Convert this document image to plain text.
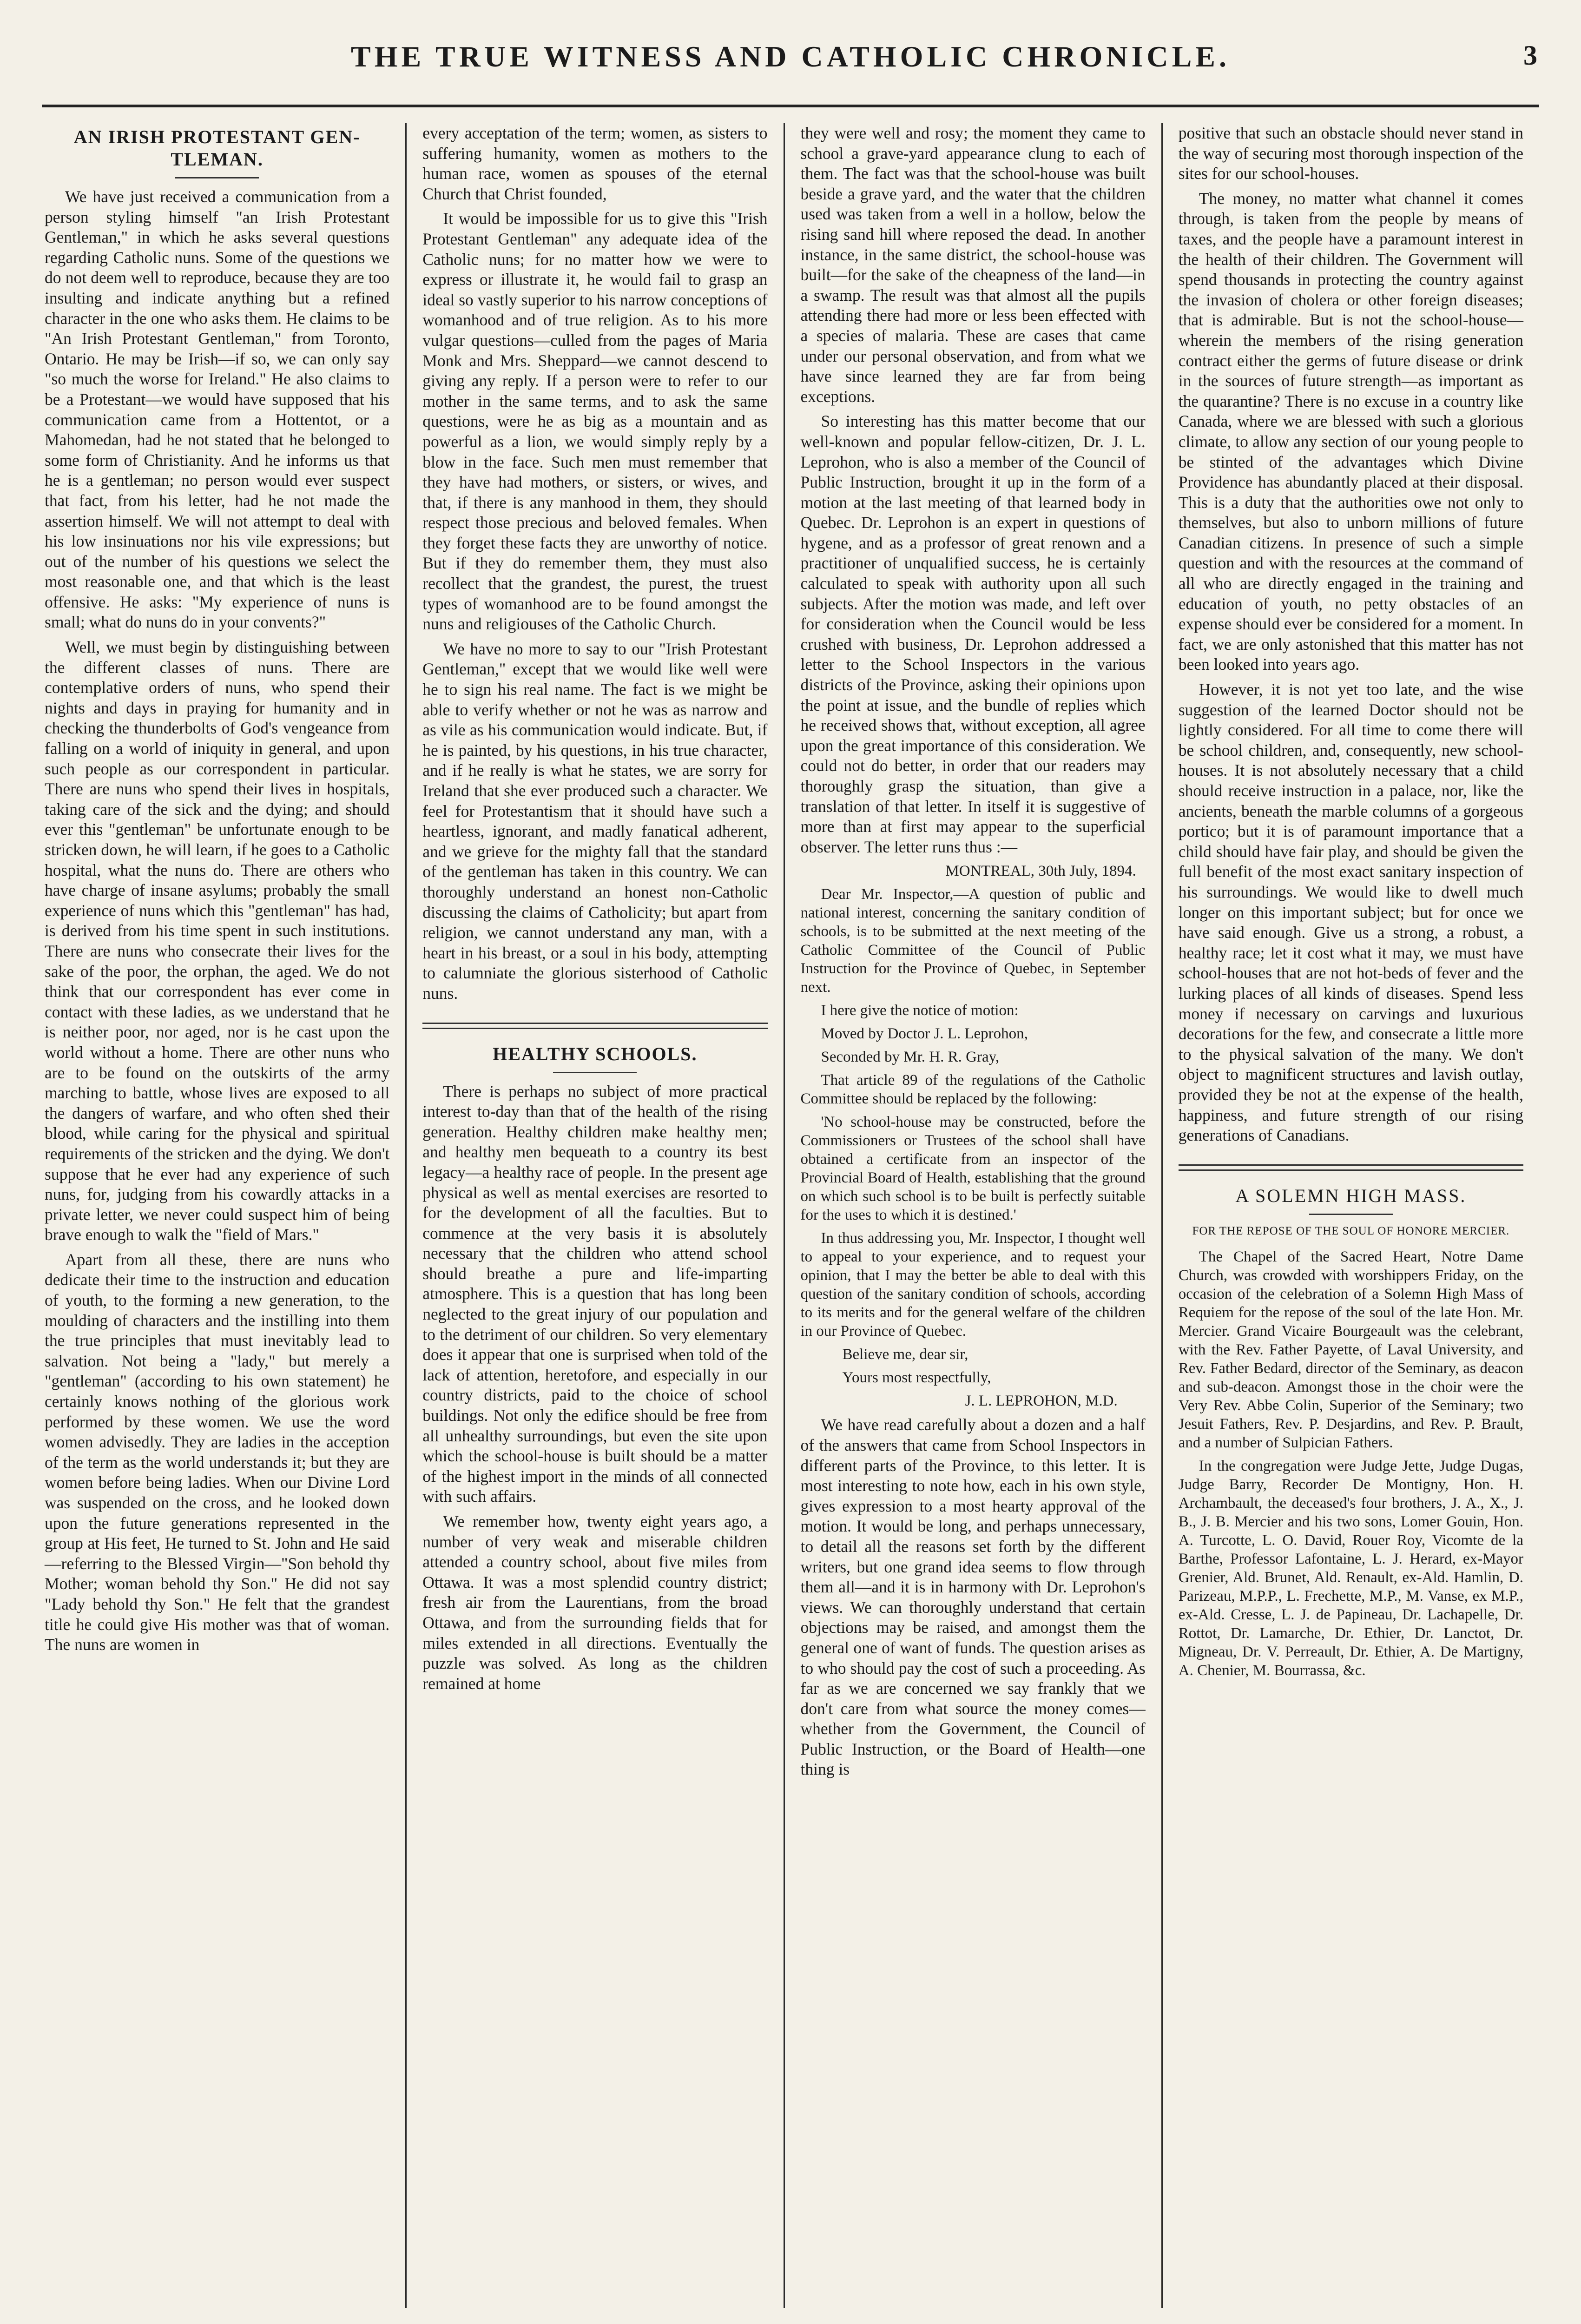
THE TRUE WITNESS AND CATHOLIC CHRONICLE.	3
AN IRISH PROTESTANT GEN- TLEMAN.

We have just received a communication from a person styling himself "an Irish Protestant Gentleman," in which he asks several questions regarding Catholic nuns. Some of the questions we do not deem well to reproduce, because they are too insulting and indicate anything but a refined character in the one who asks them. He claims to be "An Irish Protestant Gentleman," from Toronto, Ontario. He may be Irish—if so, we can only say "so much the worse for Ireland." He also claims to be a Protestant—we would have supposed that his communication came from a Hottentot, or a Mahomedan, had he not stated that he belonged to some form of Christianity. And he informs us that he is a gentleman; no person would ever suspect that fact, from his letter, had he not made the assertion himself. We will not attempt to deal with his low insinuations nor his vile expressions; but out of the number of his questions we select the most reasonable one, and that which is the least offensive. He asks: "My experience of nuns is small; what do nuns do in your convents?"

Well, we must begin by distinguishing between the different classes of nuns. There are contemplative orders of nuns, who spend their nights and days in praying for humanity and in checking the thunderbolts of God's vengeance from falling on a world of iniquity in general, and upon such people as our correspondent in particular. There are nuns who spend their lives in hospitals, taking care of the sick and the dying; and should ever this "gentleman" be unfortunate enough to be stricken down, he will learn, if he goes to a Catholic hospital, what the nuns do. There are others who have charge of insane asylums; probably the small experience of nuns which this "gentleman" has had, is derived from his time spent in such institutions. There are nuns who consecrate their lives for the sake of the poor, the orphan, the aged. We do not think that our correspondent has ever come in contact with these ladies, as we understand that he is neither poor, nor aged, nor is he cast upon the world without a home. There are other nuns who are to be found on the outskirts of the army marching to battle, whose lives are exposed to all the dangers of warfare, and who often shed their blood, while caring for the physical and spiritual requirements of the stricken and the dying. We don't suppose that he ever had any experience of such nuns, for, judging from his cowardly attacks in a private letter, we never could suspect him of being brave enough to walk the "field of Mars."

Apart from all these, there are nuns who dedicate their time to the instruction and education of youth, to the forming a new generation, to the moulding of characters and the instilling into them the true principles that must inevitably lead to salvation. Not being a "lady," but merely a "gentleman" (according to his own statement) he certainly knows nothing of the glorious work performed by these women. We use the word women advisedly. They are ladies in the acception of the term as the world understands it; but they are women before being ladies. When our Divine Lord was suspended on the cross, and he looked down upon the future generations represented in the group at His feet, He turned to St. John and He said—referring to the Blessed Virgin—"Son behold thy Mother; woman behold thy Son." He did not say "Lady behold thy Son." He felt that the grandest title he could give His mother was that of woman. The nuns are women in

every acceptation of the term; women, as sisters to suffering humanity, women as mothers to the human race, women as spouses of the eternal Church that Christ founded,

It would be impossible for us to give this "Irish Protestant Gentleman" any adequate idea of the Catholic nuns; for no matter how we were to express or illustrate it, he would fail to grasp an ideal so vastly superior to his narrow conceptions of womanhood and of true religion. As to his more vulgar questions—culled from the pages of Maria Monk and Mrs. Sheppard—we cannot descend to giving any reply. If a person were to refer to our mother in the same terms, and to ask the same questions, were he as big as a mountain and as powerful as a lion, we would simply reply by a blow in the face. Such men must remember that they have had mothers, or sisters, or wives, and that, if there is any manhood in them, they should respect those precious and beloved females. When they forget these facts they are unworthy of notice. But if they do remember them, they must also recollect that the grandest, the purest, the truest types of womanhood are to be found amongst the nuns and religiouses of the Catholic Church.

We have no more to say to our "Irish Protestant Gentleman," except that we would like well were he to sign his real name. The fact is we might be able to verify whether or not he was as narrow and as vile as his communication would indicate. But, if he is painted, by his questions, in his true character, and if he really is what he states, we are sorry for Ireland that she ever produced such a character. We feel for Protestantism that it should have such a heartless, ignorant, and madly fanatical adherent, and we grieve for the mighty fall that the standard of the gentleman has taken in this country. We can thoroughly understand an honest non-Catholic discussing the claims of Catholicity; but apart from religion, we cannot understand any man, with a heart in his breast, or a soul in his body, attempting to calumniate the glorious sisterhood of Catholic nuns.

HEALTHY SCHOOLS.

There is perhaps no subject of more practical interest to-day than that of the health of the rising generation. Healthy children make healthy men; and healthy men bequeath to a country its best legacy—a healthy race of people. In the present age physical as well as mental exercises are resorted to for the development of all the faculties. But to commence at the very basis it is absolutely necessary that the children who attend school should breathe a pure and life-imparting atmosphere. This is a question that has long been neglected to the great injury of our population and to the detriment of our children. So very elementary does it appear that one is surprised when told of the lack of attention, heretofore, and especially in our country districts, paid to the choice of school buildings. Not only the edifice should be free from all unhealthy surroundings, but even the site upon which the school-house is built should be a matter of the highest import in the minds of all connected with such affairs.

We remember how, twenty eight years ago, a number of very weak and miserable children attended a country school, about five miles from Ottawa. It was a most splendid country district; fresh air from the Laurentians, from the broad Ottawa, and from the surrounding fields that for miles extended in all directions. Eventually the puzzle was solved. As long as the children remained at home

they were well and rosy; the moment they came to school a grave-yard appearance clung to each of them. The fact was that the school-house was built beside a grave yard, and the water that the children used was taken from a well in a hollow, below the rising sand hill where reposed the dead. In another instance, in the same district, the school-house was built—for the sake of the cheapness of the land—in a swamp. The result was that almost all the pupils attending there had more or less been effected with a species of malaria. These are cases that came under our personal observation, and from what we have since learned they are far from being exceptions.

So interesting has this matter become that our well-known and popular fellow-citizen, Dr. J. L. Leprohon, who is also a member of the Council of Public Instruction, brought it up in the form of a motion at the last meeting of that learned body in Quebec. Dr. Leprohon is an expert in questions of hygene, and as a professor of great renown and a practitioner of unqualified success, he is certainly calculated to speak with authority upon all such subjects. After the motion was made, and left over for consideration when the Council would be less crushed with business, Dr. Leprohon addressed a letter to the School Inspectors in the various districts of the Province, asking their opinions upon the point at issue, and the bundle of replies which he received shows that, without exception, all agree upon the great importance of this consideration. We could not do better, in order that our readers may thoroughly grasp the situation, than give a translation of that letter. In itself it is suggestive of more than at first may appear to the superficial observer. The letter runs thus :—

MONTREAL, 30th July, 1894.

Dear Mr. Inspector,—A question of public and national interest, concerning the sanitary condition of schools, is to be submitted at the next meeting of the Catholic Committee of the Council of Public Instruction for the Province of Quebec, in September next.

I here give the notice of motion:

Moved by Doctor J. L. Leprohon,

Seconded by Mr. H. R. Gray,

That article 89 of the regulations of the Catholic Committee should be replaced by the following:

'No school-house may be constructed, before the Commissioners or Trustees of the school shall have obtained a certificate from an inspector of the Provincial Board of Health, establishing that the ground on which such school is to be built is perfectly suitable for the uses to which it is destined.'

In thus addressing you, Mr. Inspector, I thought well to appeal to your experience, and to request your opinion, that I may the better be able to deal with this question of the sanitary condition of schools, according to its merits and for the general welfare of the children in our Province of Quebec.

Believe me, dear sir,

Yours most respectfully,

J. L. LEPROHON, M.D.

We have read carefully about a dozen and a half of the answers that came from School Inspectors in different parts of the Province, to this letter. It is most interesting to note how, each in his own style, gives expression to a most hearty approval of the motion. It would be long, and perhaps unnecessary, to detail all the reasons set forth by the different writers, but one grand idea seems to flow through them all—and it is in harmony with Dr. Leprohon's views. We can thoroughly understand that certain objections may be raised, and amongst them the general one of want of funds. The question arises as to who should pay the cost of such a proceeding. As far as we are concerned we say frankly that we don't care from what source the money comes—whether from the Government, the Council of Public Instruction, or the Board of Health—one thing is

positive that such an obstacle should never stand in the way of securing most thorough inspection of the sites for our school-houses.

The money, no matter what channel it comes through, is taken from the people by means of taxes, and the people have a paramount interest in the health of their children. The Government will spend thousands in protecting the country against the invasion of cholera or other foreign diseases; that is admirable. But is not the school-house—wherein the members of the rising generation contract either the germs of future disease or drink in the sources of future strength—as important as the quarantine? There is no excuse in a country like Canada, where we are blessed with such a glorious climate, to allow any section of our young people to be stinted of the advantages which Divine Providence has abundantly placed at their disposal. This is a duty that the authorities owe not only to themselves, but also to unborn millions of future Canadian citizens. In presence of such a simple question and with the resources at the command of all who are directly engaged in the training and education of youth, no petty obstacles of an expense should ever be considered for a moment. In fact, we are only astonished that this matter has not been looked into years ago.

However, it is not yet too late, and the wise suggestion of the learned Doctor should not be lightly considered. For all time to come there will be school children, and, consequently, new school-houses. It is not absolutely necessary that a child should receive instruction in a palace, nor, like the ancients, beneath the marble columns of a gorgeous portico; but it is of paramount importance that a child should have fair play, and should be given the full benefit of the most exact sanitary inspection of his surroundings. We would like to dwell much longer on this important subject; but for once we have said enough. Give us a strong, a robust, a healthy race; let it cost what it may, we must have school-houses that are not hot-beds of fever and the lurking places of all kinds of diseases. Spend less money if necessary on carvings and luxurious decorations for the few, and consecrate a little more to the physical salvation of the many. We don't object to magnificent structures and lavish outlay, provided they be not at the expense of the health, happiness, and future strength of our rising generations of Canadians.

A SOLEMN HIGH MASS.
FOR THE REPOSE OF THE SOUL OF HONORE MERCIER.

The Chapel of the Sacred Heart, Notre Dame Church, was crowded with worshippers Friday, on the occasion of the celebration of a Solemn High Mass of Requiem for the repose of the soul of the late Hon. Mr. Mercier. Grand Vicaire Bourgeault was the celebrant, with the Rev. Father Payette, of Laval University, and Rev. Father Bedard, director of the Seminary, as deacon and sub-deacon. Amongst those in the choir were the Very Rev. Abbe Colin, Superior of the Seminary; two Jesuit Fathers, Rev. P. Desjardins, and Rev. P. Brault, and a number of Sulpician Fathers.

In the congregation were Judge Jette, Judge Dugas, Judge Barry, Recorder De Montigny, Hon. H. Archambault, the deceased's four brothers, J. A., X., J. B., J. B. Mercier and his two sons, Lomer Gouin, Hon. A. Turcotte, L. O. David, Rouer Roy, Vicomte de la Barthe, Professor Lafontaine, L. J. Herard, ex-Mayor Grenier, Ald. Brunet, Ald. Renault, ex-Ald. Hamlin, D. Parizeau, M.P.P., L. Frechette, M.P., M. Vanse, ex M.P., ex-Ald. Cresse, L. J. de Papineau, Dr. Lachapelle, Dr. Rottot, Dr. Lamarche, Dr. Ethier, Dr. Lanctot, Dr. Migneau, Dr. V. Perreault, Dr. Ethier, A. De Martigny, A. Chenier, M. Bourrassa, &c.
